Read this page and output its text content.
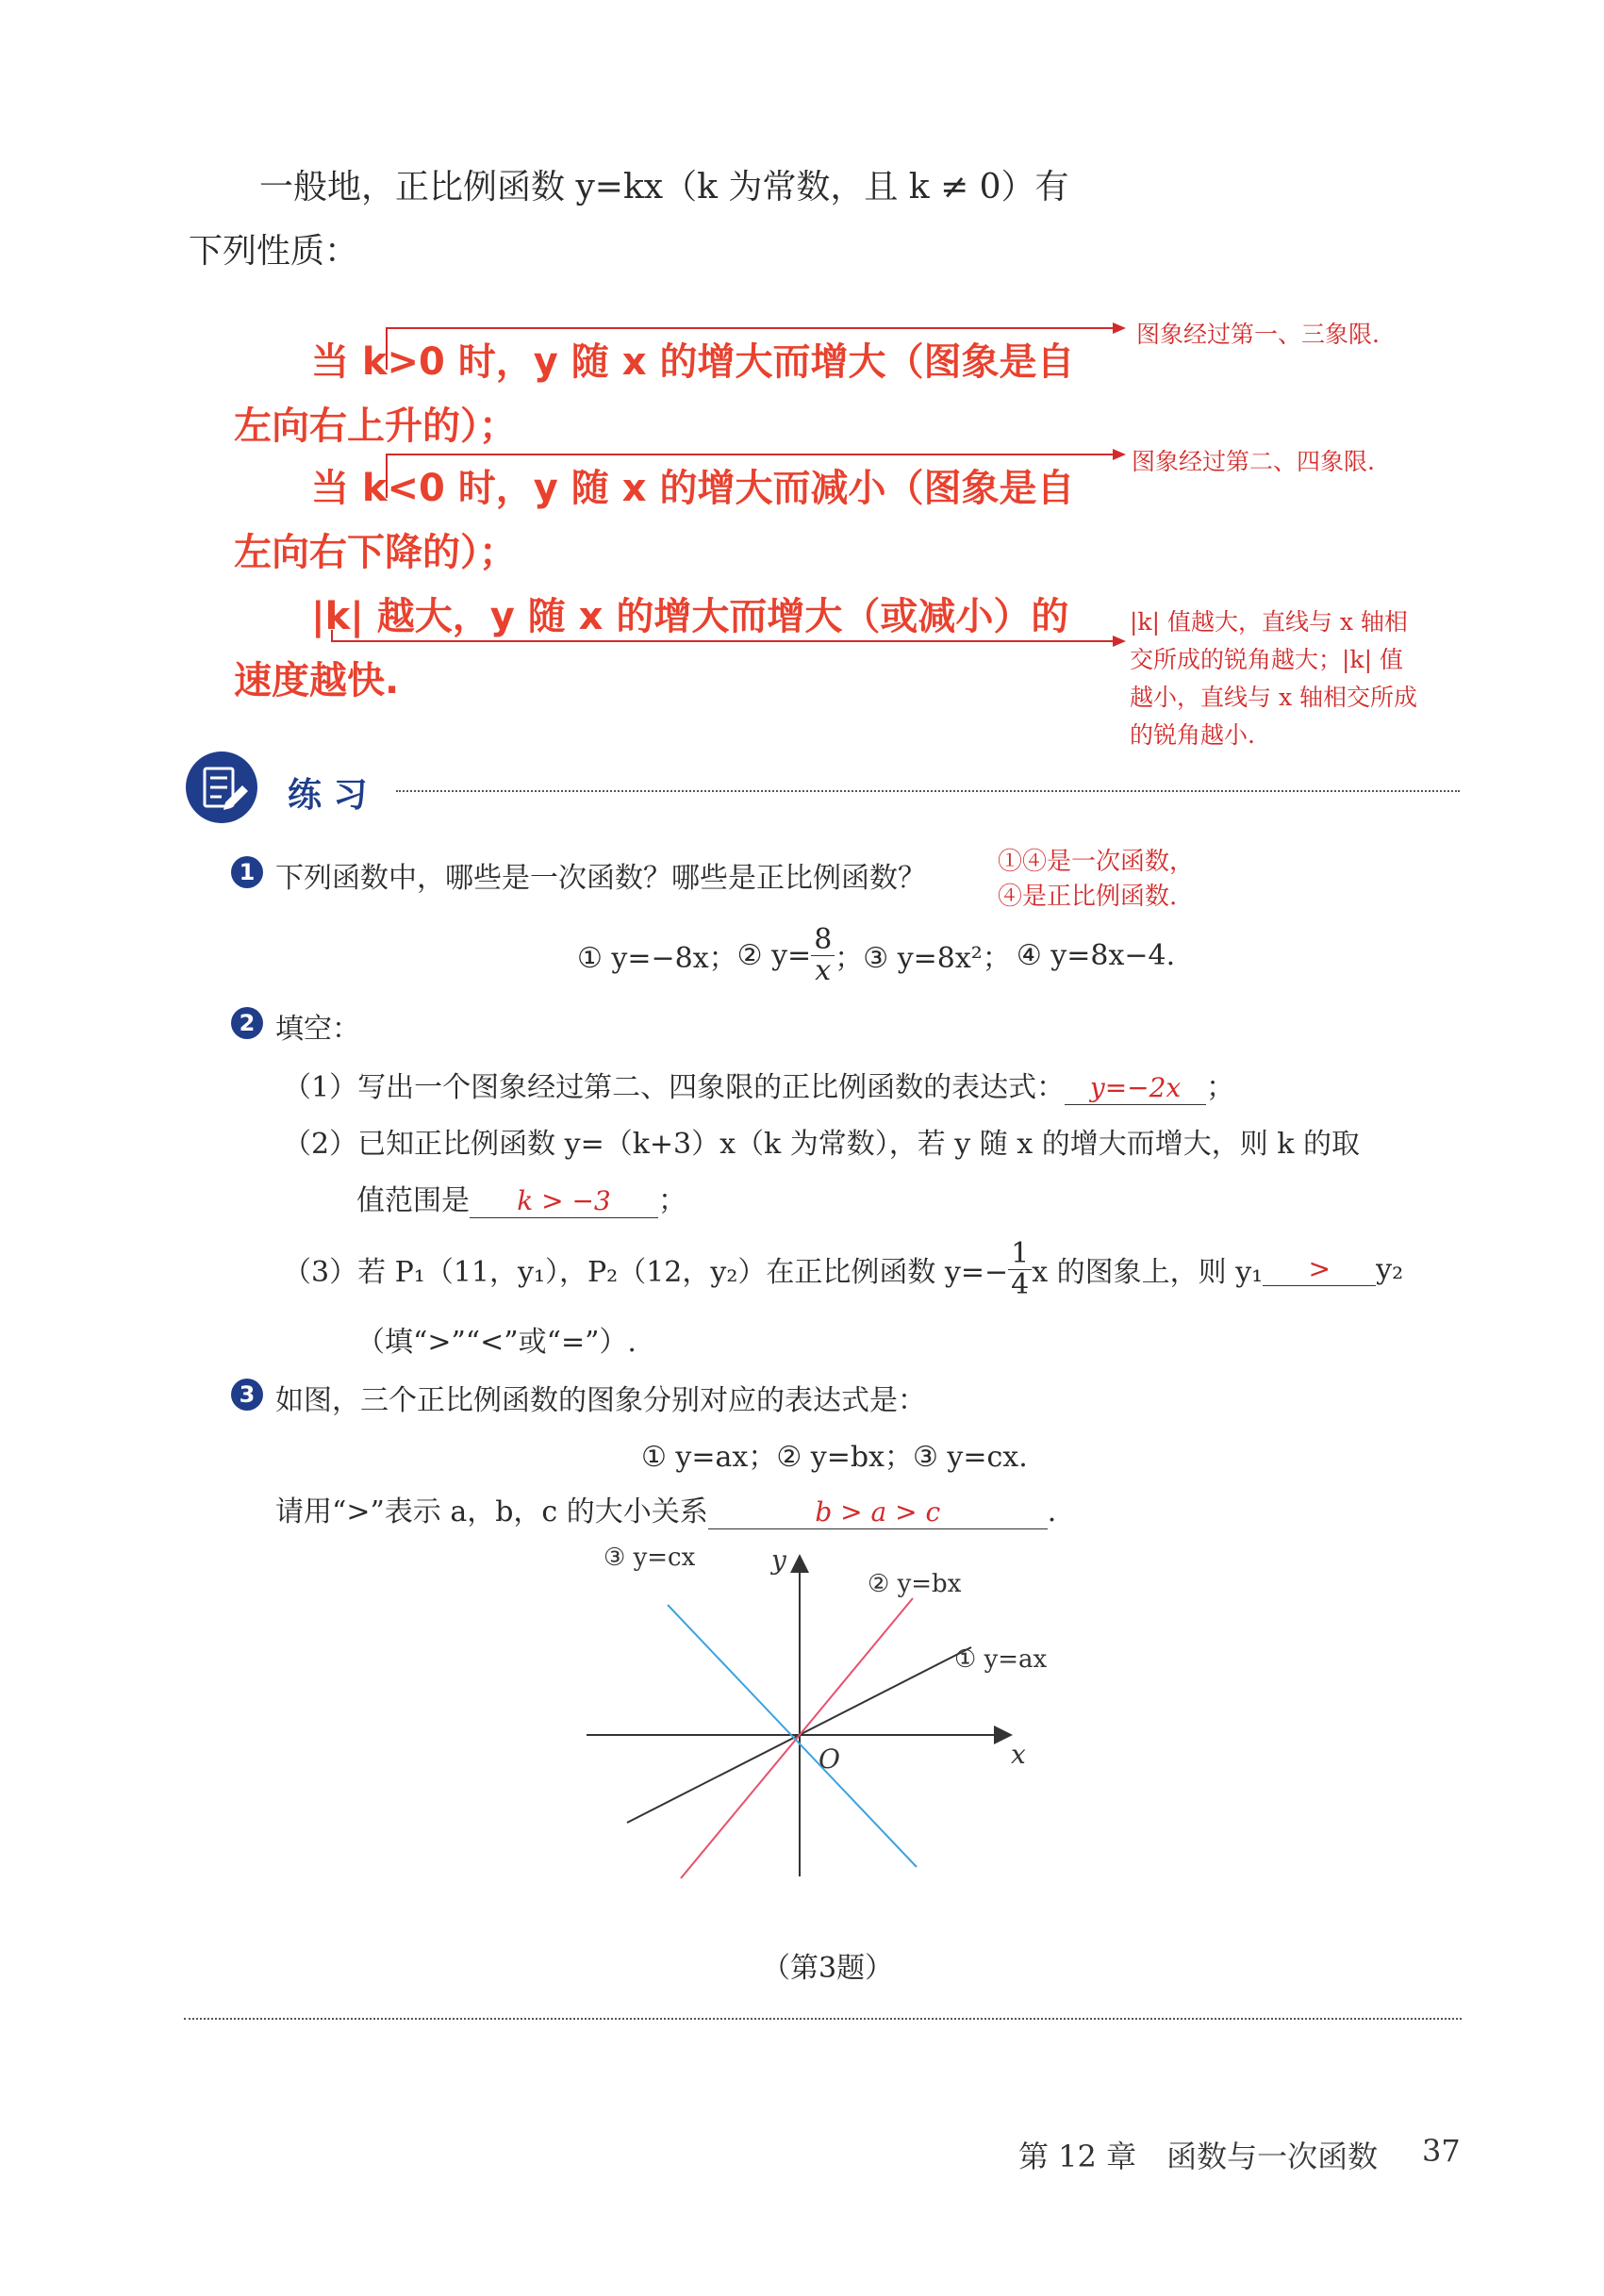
一般地，正比例函数 y=kx（k 为常数，且 k ≠ 0）有
下列性质：
当 k>0 时，y 随 x 的增大而增大（图象是自
左向右上升的）；
当 k<0 时，y 随 x 的增大而减小（图象是自
左向右下降的）；
|k| 越大，y 随 x 的增大而增大（或减小）的
速度越快.
图象经过第一、三象限.
图象经过第二、四象限.
|k| 值越大，直线与 x 轴相
交所成的锐角越大；|k| 值
越小，直线与 x 轴相交所成
的锐角越小.
练 习
1 下列函数中，哪些是一次函数？哪些是正比例函数？	①④是一次函数，
④是正比例函数.
① y=−8x； ② $y= \frac{8}{x}$ ； ③ y=8x²； ④ y=8x−4.
2 填空：
（1）写出一个图象经过第二、四象限的正比例函数的表达式： y=−2x ；
（2）已知正比例函数 y=（k+3）x（k 为常数），若 y 随 x 的增大而增大，则 k 的取
值范围是 k > −3 ；
（3）若 P₁（11，y₁），P₂（12，y₂）在正比例函数 $y=- \frac{1}{4}$ x 的图象上，则 y₁	>	y₂
（填“>”“<”或“=”）.
3 如图，三个正比例函数的图象分别对应的表达式是：
① y=ax；② y=bx；③ y=cx.
请用“>”表示 a，b，c 的大小关系	b > a > c	.
x
y
O
① y=ax
② y=bx
③ y=cx
（第3题）
第 12 章　函数与一次函数 37
